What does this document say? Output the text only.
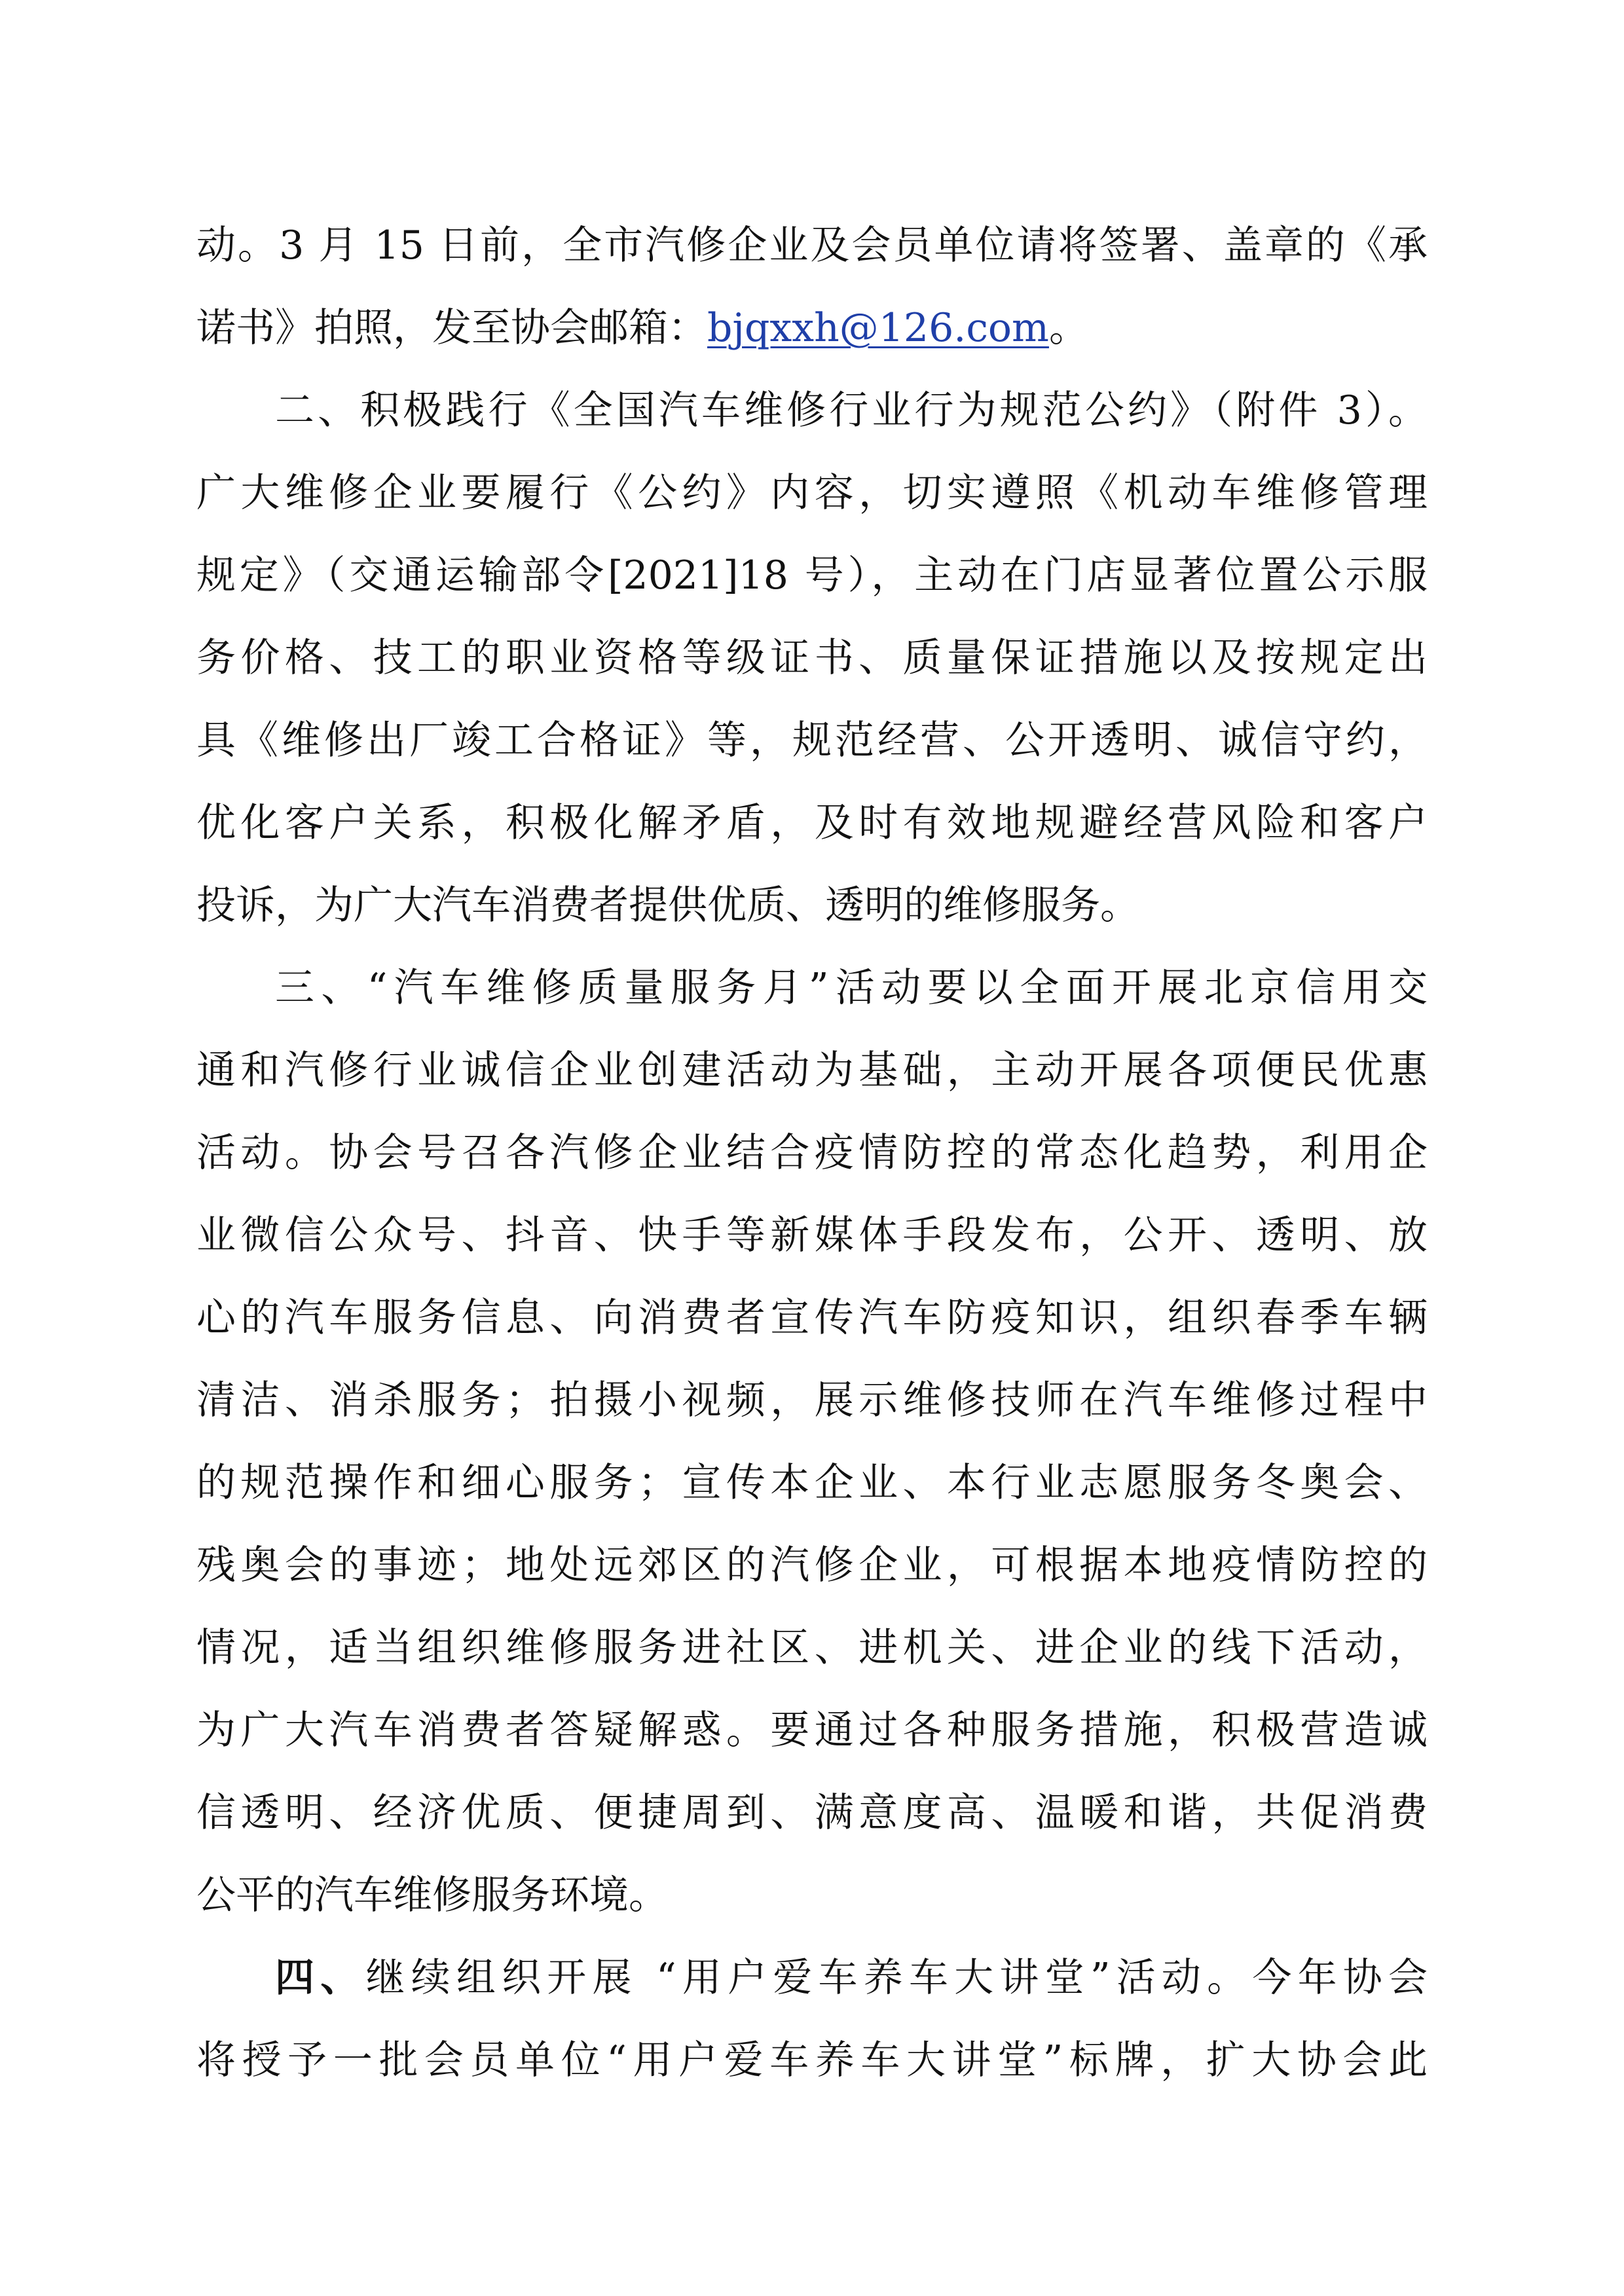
动。3 月 15 日前，全市汽修企业及会员单位请将签署、盖章的《承
诺书》拍照，发至协会邮箱：bjqxxh@126.com。
二、积极践行《全国汽车维修行业行为规范公约》（附件 3）。
广大维修企业要履行《公约》内容，切实遵照《机动车维修管理
规定》（交通运输部令[2021]18 号），主动在门店显著位置公示服
务价格、技工的职业资格等级证书、质量保证措施以及按规定出
具《维修出厂竣工合格证》等，规范经营、公开透明、诚信守约，
优化客户关系，积极化解矛盾，及时有效地规避经营风险和客户
投诉，为广大汽车消费者提供优质、透明的维修服务。
三、“汽车维修质量服务月”活动要以全面开展北京信用交
通和汽修行业诚信企业创建活动为基础，主动开展各项便民优惠
活动。协会号召各汽修企业结合疫情防控的常态化趋势，利用企
业微信公众号、抖音、快手等新媒体手段发布，公开、透明、放
心的汽车服务信息、向消费者宣传汽车防疫知识，组织春季车辆
清洁、消杀服务；拍摄小视频，展示维修技师在汽车维修过程中
的规范操作和细心服务；宣传本企业、本行业志愿服务冬奥会、
残奥会的事迹；地处远郊区的汽修企业，可根据本地疫情防控的
情况，适当组织维修服务进社区、进机关、进企业的线下活动，
为广大汽车消费者答疑解惑。要通过各种服务措施，积极营造诚
信透明、经济优质、便捷周到、满意度高、温暖和谐，共促消费
公平的汽车维修服务环境。
四、继续组织开展 “用户爱车养车大讲堂”活动。今年协会
将授予一批会员单位“用户爱车养车大讲堂”标牌，扩大协会此
